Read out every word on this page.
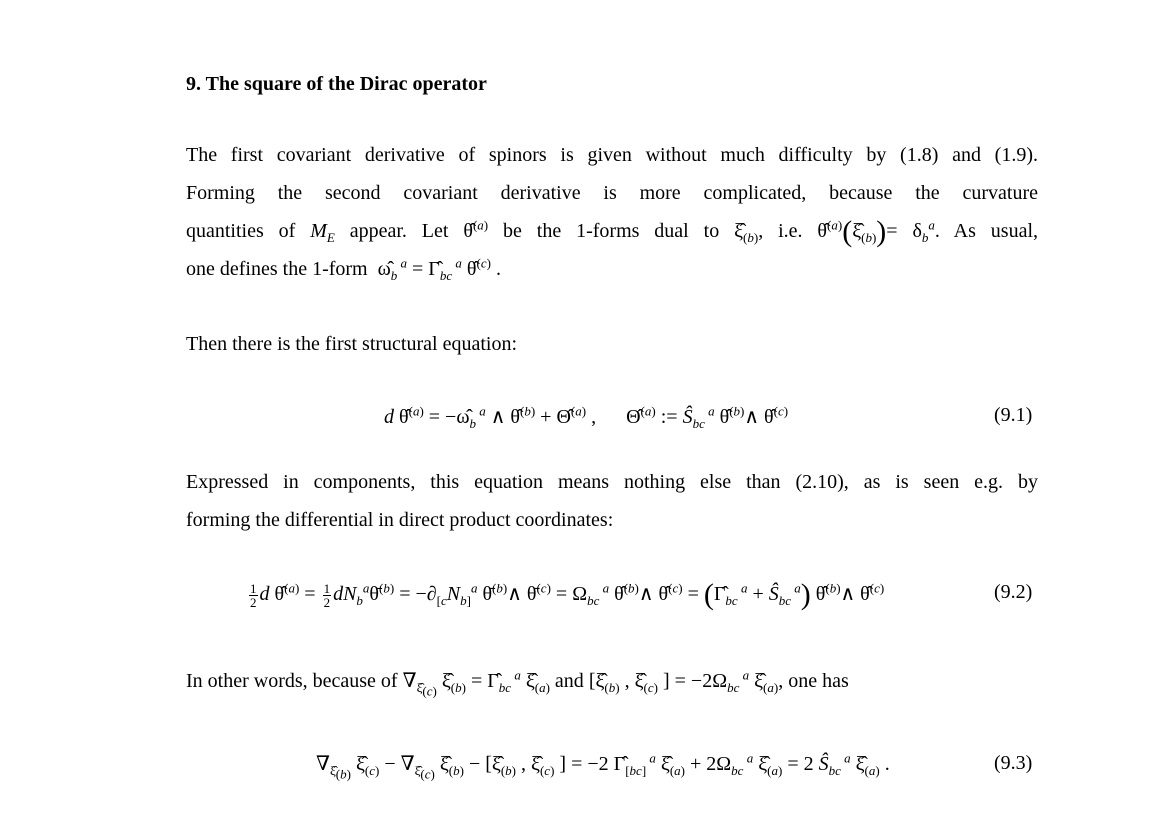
9. The square of the Dirac operator
The first covariant derivative of spinors is given without much difficulty by (1.8) and (1.9).
Forming the second covariant derivative is more complicated, because the curvature
quantities of $M_E$ appear. Let θ̂$^{(a)}$ be the 1-forms dual to $\xî_{(b)}$, i.e. $\thetâ^{(a)}(\xî_{(b)})= \delta_b^a$. As usual,
one defines the 1-form  $\omegâ_b$ $^a = \Gammâ_{bc}$ $^a$ θ̂$^{(c)}$ .
Then there is the first structural equation:
d θ̂$^{(a)}$ = $-\omegâ_b$ $^a$ ∧ θ̂$^{(b)}$ + Θ̂$^{(a)}$ ,      Θ̂$^{(a)}$ := $Ŝ_{bc}$ $^a$ θ̂$^{(b)}$∧ θ̂$^{(c)}$	(9.1)
Expressed in components, this equation means nothing else than (2.10), as is seen e.g. by
forming the differential in direct product coordinates:
$\frac{1}{2}$ d θ̂$^{(a)}$ = $\frac{1}{2}$ $dN_b^a\thetā^{(b)} = -\partial_{[c}N_{b]}^a$ θ̄$^{(b)}$∧ θ̄$^{(c)}$ = $\Omega_{bc}$ $^a$ θ̂$^{(b)}$∧ θ̂$^{(c)}$ = ($\Gammâ_{bc}$ $^a + Ŝ_{bc}$ $^a$) θ̂$^{(b)}$∧ θ̂$^{(c)}$	(9.2)
In other words, because of $\nabla_{\xî_{(c)}}$ $\xî_{(b)}$ = $\Gammâ_{bc}$ $^a$ $\xî_{(a)}$ and [$\xî_{(b)}$ , $\xî_{(c)}$ ] = $-2\Omega_{bc}$ $^a$ $\xî_{(a)}$, one has
$\nabla_{\xî_{(b)}}$ $\xî_{(c)} - \nabla_{\xî_{(c)}}$ $\xî_{(b)}$ − [$\xî_{(b)}$ , $\xî_{(c)}$ ] = −2 $\Gammâ_{[bc]}$ $^a$ $\xî_{(a)} + 2\Omega_{bc}$ $^a$ $\xî_{(a)} = 2$ $Ŝ_{bc}$ $^a$ $\xî_{(a)}$ .	(9.3)
